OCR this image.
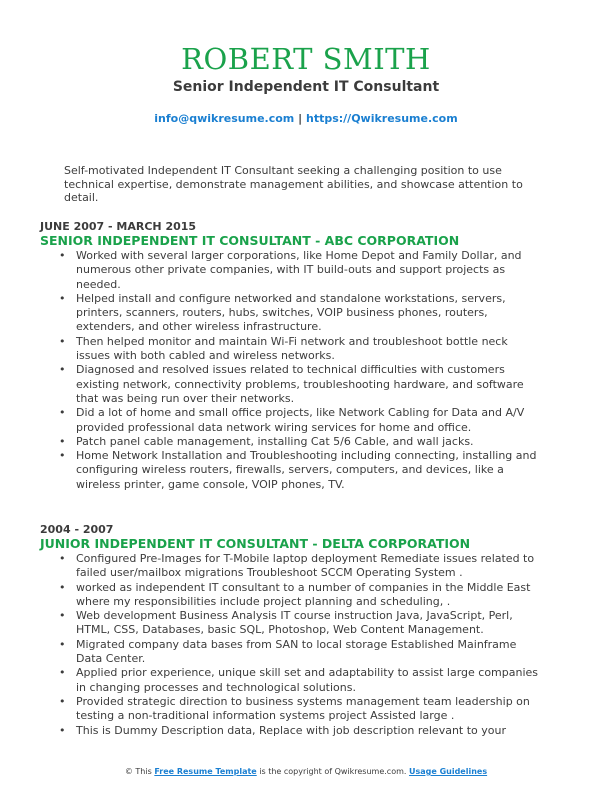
ROBERT SMITH
Senior Independent IT Consultant
info@qwikresume.com | https://Qwikresume.com
Self-motivated Independent IT Consultant seeking a challenging position to use technical expertise, demonstrate management abilities, and showcase attention to detail.
JUNE 2007 - MARCH 2015
SENIOR INDEPENDENT IT CONSULTANT - ABC CORPORATION
• Worked with several larger corporations, like Home Depot and Family Dollar, and numerous other private companies, with IT build-outs and support projects as needed.
• Helped install and configure networked and standalone workstations, servers, printers, scanners, routers, hubs, switches, VOIP business phones, routers, extenders, and other wireless infrastructure.
• Then helped monitor and maintain Wi-Fi network and troubleshoot bottle neck issues with both cabled and wireless networks.
• Diagnosed and resolved issues related to technical difficulties with customers existing network, connectivity problems, troubleshooting hardware, and software that was being run over their networks.
• Did a lot of home and small office projects, like Network Cabling for Data and A/V provided professional data network wiring services for home and office.
• Patch panel cable management, installing Cat 5/6 Cable, and wall jacks.
• Home Network Installation and Troubleshooting including connecting, installing and configuring wireless routers, firewalls, servers, computers, and devices, like a wireless printer, game console, VOIP phones, TV.
2004 - 2007
JUNIOR INDEPENDENT IT CONSULTANT - DELTA CORPORATION
• Configured Pre-Images for T-Mobile laptop deployment Remediate issues related to failed user/mailbox migrations Troubleshoot SCCM Operating System .
• worked as independent IT consultant to a number of companies in the Middle East where my responsibilities include project planning and scheduling, .
• Web development Business Analysis IT course instruction Java, JavaScript, Perl, HTML, CSS, Databases, basic SQL, Photoshop, Web Content Management.
• Migrated company data bases from SAN to local storage Established Mainframe Data Center.
• Applied prior experience, unique skill set and adaptability to assist large companies in changing processes and technological solutions.
• Provided strategic direction to business systems management team leadership on testing a non-traditional information systems project Assisted large .
• This is Dummy Description data, Replace with job description relevant to your
© This Free Resume Template is the copyright of Qwikresume.com. Usage Guidelines
